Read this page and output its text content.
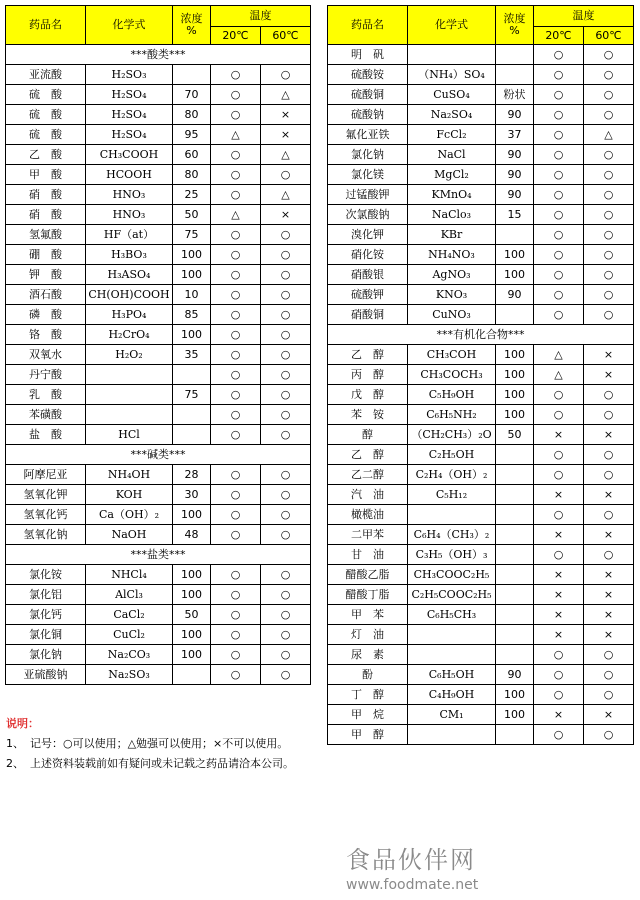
药品名	化学式	浓度
%	温度	
			20℃	60℃
***酸类***				
亚流酸	H₂SO₃		○	○
硫　酸	H₂SO₄	70	○	△
硫　酸	H₂SO₄	80	○	×
硫　酸	H₂SO₄	95	△	×
乙　酸	CH₃COOH	60	○	△
甲　酸	HCOOH	80	○	○
硝　酸	HNO₃	25	○	△
硝　酸	HNO₃	50	△	×
氢氟酸	HF（at）	75	○	○
硼　酸	H₃BO₃	100	○	○
钾　酸	H₃ASO₄	100	○	○
酒石酸	CH(OH)COOH	10	○	○
磷　酸	H₃PO₄	85	○	○
铬　酸	H₂CrO₄	100	○	○
双氧水	H₂O₂	35	○	○
丹宁酸			○	○
乳　酸		75	○	○
苯磺酸			○	○
盐　酸	HCl		○	○
***碱类***				
阿摩尼亚	NH₄OH	28	○	○
氢氧化钾	KOH	30	○	○
氢氧化钙	Ca（OH）₂	100	○	○
氢氧化钠	NaOH	48	○	○
***盐类***				
氯化铵	NHCl₄	100	○	○
氯化铝	AlCl₃	100	○	○
氯化钙	CaCl₂	50	○	○
氯化铜	CuCl₂	100	○	○
氯化钠	Na₂CO₃	100	○	○
亚硫酸钠	Na₂SO₃		○	○
药品名	化学式	浓度
%	温度	
			20℃	60℃
明　矾			○	○
硫酸铵	（NH₄）SO₄		○	○
硫酸铜	CuSO₄	粉状	○	○
硫酸钠	Na₂SO₄	90	○	○
氟化亚铁	FcCl₂	37	○	△
氯化钠	NaCl	90	○	○
氯化镁	MgCl₂	90	○	○
过锰酸钾	KMnO₄	90	○	○
次氯酸钠	NaClo₃	15	○	○
溴化钾	KBr		○	○
硝化铵	NH₄NO₃	100	○	○
硝酸银	AgNO₃	100	○	○
硫酸钾	KNO₃	90	○	○
硝酸铜	CuNO₃		○	○
***有机化合物***				
乙　醇	CH₃COH	100	△	×
丙　醇	CH₃COCH₃	100	△	×
戊　醇	C₅H₉OH	100	○	○
苯　铵	C₆H₅NH₂	100	○	○
醇	（CH₂CH₃）₂O	50	×	×
乙　醇	C₂H₅OH		○	○
乙二醇	C₂H₄（OH）₂		○	○
汽　油	C₅H₁₂		×	×
橄榄油			○	○
二甲苯	C₆H₄（CH₃）₂		×	×
甘　油	C₃H₅（OH）₃		○	○
醋酸乙脂	CH₃COOC₂H₅		×	×
醋酸丁脂	C₂H₅COOC₂H₅		×	×
甲　苯	C₆H₅CH₃		×	×
灯　油			×	×
尿　素			○	○
酚	C₆H₅OH	90	○	○
丁　醇	C₄H₉OH	100	○	○
甲　烷	CM₁	100	×	×
甲　醇			○	○
说明：
1、 记号：○可以使用；△勉强可以使用；×不可以使用。
2、 上述资料装载前如有疑问或未记载之药品请洽本公司。
食品伙伴网
www.foodmate.net
